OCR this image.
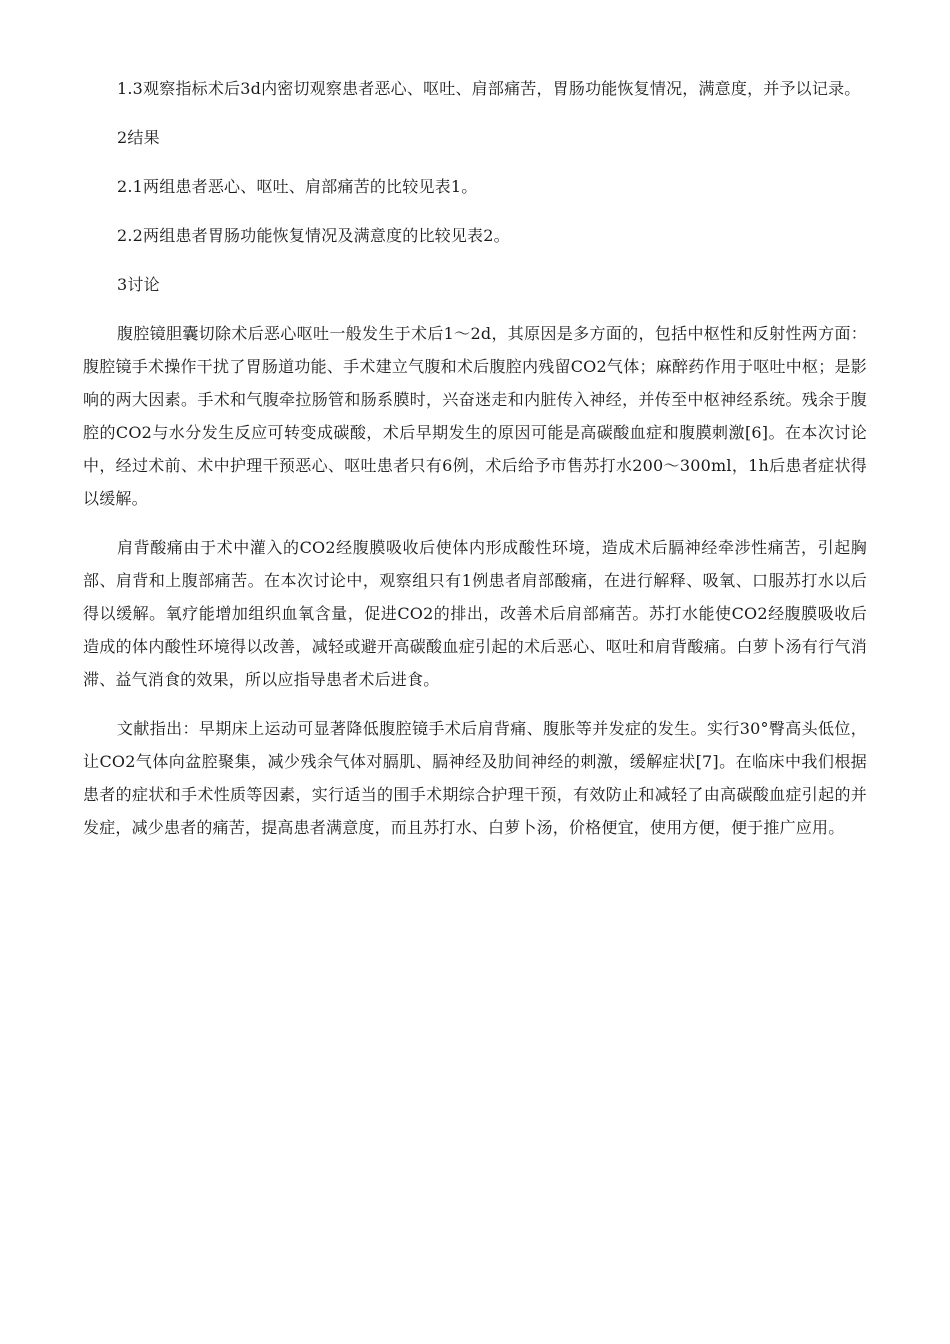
1.3观察指标术后3d内密切观察患者恶心、呕吐、肩部痛苦，胃肠功能恢复情况，满意度，并予以记录。

2结果

2.1两组患者恶心、呕吐、肩部痛苦的比较见表1。

2.2两组患者胃肠功能恢复情况及满意度的比较见表2。

3讨论

腹腔镜胆囊切除术后恶心呕吐一般发生于术后1～2d，其原因是多方面的，包括中枢性和反射性两方面：腹腔镜手术操作干扰了胃肠道功能、手术建立气腹和术后腹腔内残留CO2气体；麻醉药作用于呕吐中枢；是影响的两大因素。手术和气腹牵拉肠管和肠系膜时，兴奋迷走和内脏传入神经，并传至中枢神经系统。残余于腹腔的CO2与水分发生反应可转变成碳酸，术后早期发生的原因可能是高碳酸血症和腹膜刺激[6]。在本次讨论中，经过术前、术中护理干预恶心、呕吐患者只有6例，术后给予市售苏打水200～300ml，1h后患者症状得以缓解。

肩背酸痛由于术中灌入的CO2经腹膜吸收后使体内形成酸性环境，造成术后膈神经牵涉性痛苦，引起胸部、肩背和上腹部痛苦。在本次讨论中，观察组只有1例患者肩部酸痛，在进行解释、吸氧、口服苏打水以后得以缓解。氧疗能增加组织血氧含量，促进CO2的排出，改善术后肩部痛苦。苏打水能使CO2经腹膜吸收后造成的体内酸性环境得以改善，减轻或避开高碳酸血症引起的术后恶心、呕吐和肩背酸痛。白萝卜汤有行气消滞、益气消食的效果，所以应指导患者术后进食。

文献指出：早期床上运动可显著降低腹腔镜手术后肩背痛、腹胀等并发症的发生。实行30°臀高头低位，让CO2气体向盆腔聚集，减少残余气体对膈肌、膈神经及肋间神经的刺激，缓解症状[7]。在临床中我们根据患者的症状和手术性质等因素，实行适当的围手术期综合护理干预，有效防止和减轻了由高碳酸血症引起的并发症，减少患者的痛苦，提高患者满意度，而且苏打水、白萝卜汤，价格便宜，使用方便，便于推广应用。
